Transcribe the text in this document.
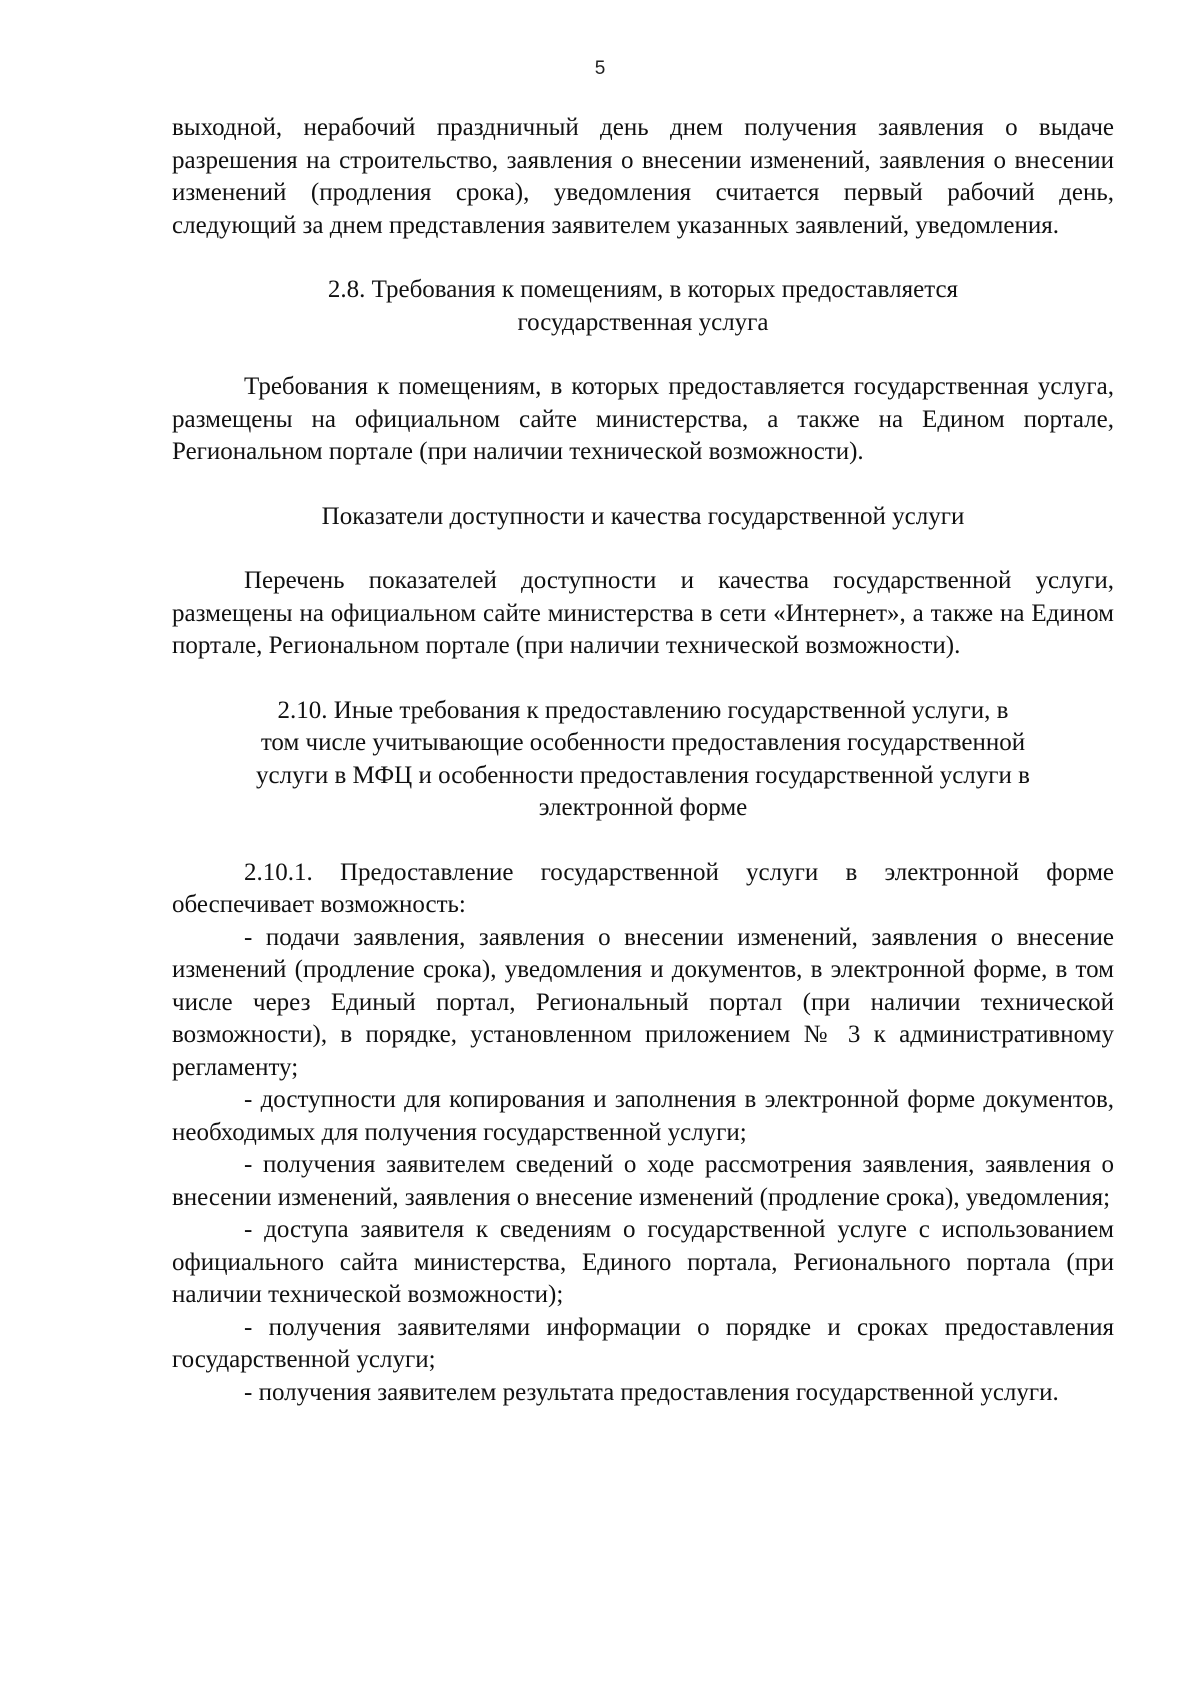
5

выходной, нерабочий праздничный день днем получения заявления о выдаче разрешения на строительство, заявления о внесении изменений, заявления о внесении изменений (продления срока), уведомления считается первый рабочий день, следующий за днем представления заявителем указанных заявлений, уведомления.

2.8. Требования к помещениям, в которых предоставляется
государственная услуга

Требования к помещениям, в которых предоставляется государственная услуга, размещены на официальном сайте министерства, а также на Едином портале, Региональном портале (при наличии технической возможности).

Показатели доступности и качества государственной услуги

Перечень показателей доступности и качества государственной услуги, размещены на официальном сайте министерства в сети «Интернет», а также на Едином портале, Региональном портале (при наличии технической возможности).

2.10. Иные требования к предоставлению государственной услуги, в
том числе учитывающие особенности предоставления государственной
услуги в МФЦ и особенности предоставления государственной услуги в
электронной форме

2.10.1. Предоставление государственной услуги в электронной форме обеспечивает возможность:

- подачи заявления, заявления о внесении изменений, заявления о внесение изменений (продление срока), уведомления и документов, в электронной форме, в том числе через Единый портал, Региональный портал (при наличии технической возможности), в порядке, установленном приложением № 3 к административному регламенту;

- доступности для копирования и заполнения в электронной форме документов, необходимых для получения государственной услуги;

- получения заявителем сведений о ходе рассмотрения заявления, заявления о внесении изменений, заявления о внесение изменений (продление срока), уведомления;

- доступа заявителя к сведениям о государственной услуге с использованием официального сайта министерства, Единого портала, Регионального портала (при наличии технической возможности);

- получения заявителями информации о порядке и сроках предоставления государственной услуги;

- получения заявителем результата предоставления государственной услуги.
